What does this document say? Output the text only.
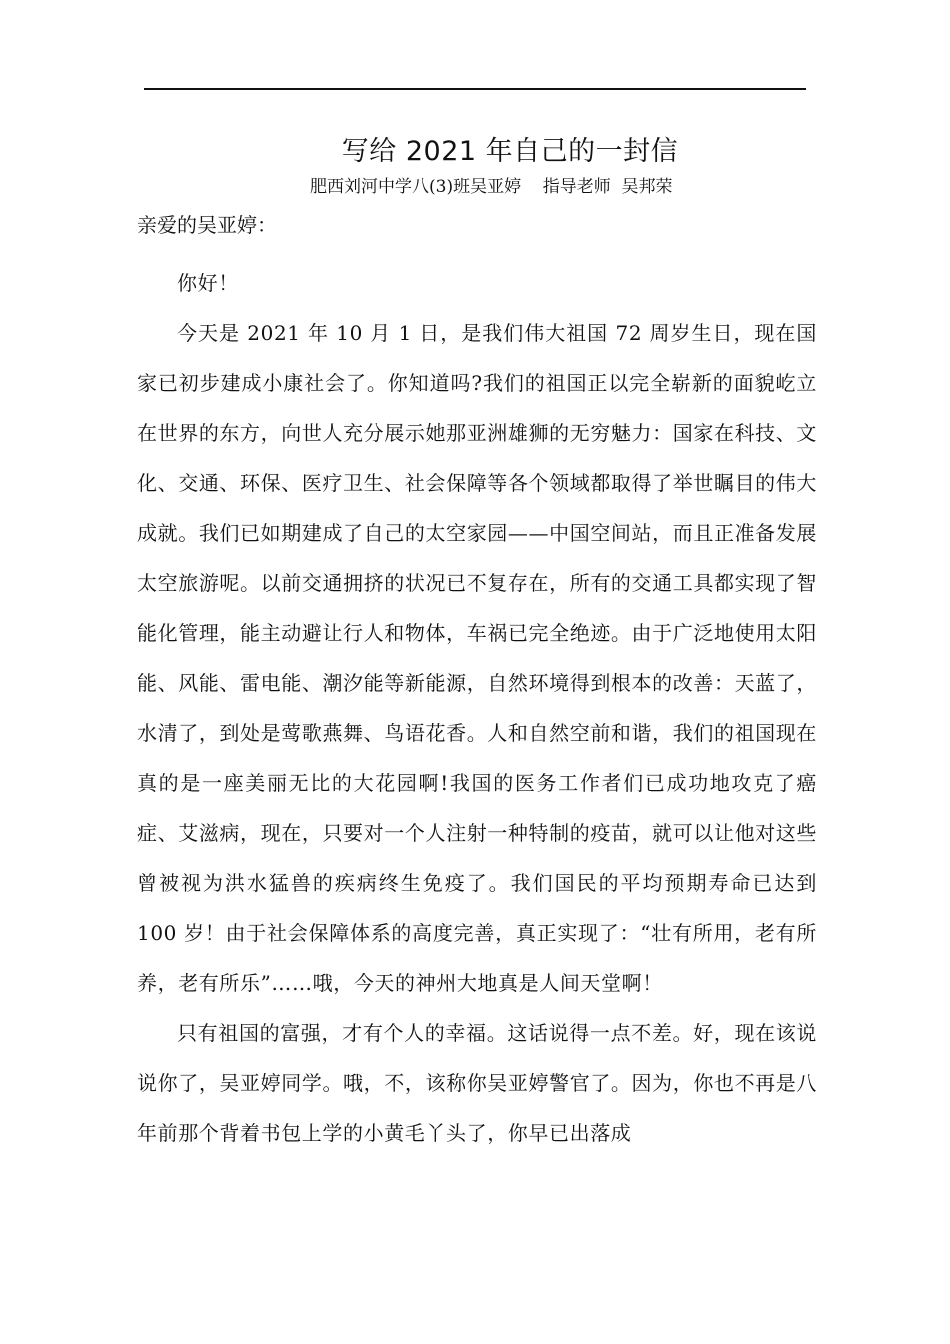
写给 2021 年自己的一封信
肥西刘河中学八(3)班吴亚婷    指导老师  吴邦荣
亲爱的吴亚婷：

你好！

今天是 2021 年 10 月 1 日，是我们伟大祖国 72 周岁生日，现在国家已初步建成小康社会了。你知道吗?我们的祖国正以完全崭新的面貌屹立在世界的东方，向世人充分展示她那亚洲雄狮的无穷魅力：国家在科技、文化、交通、环保、医疗卫生、社会保障等各个领域都取得了举世瞩目的伟大成就。我们已如期建成了自己的太空家园——中国空间站，而且正准备发展太空旅游呢。以前交通拥挤的状况已不复存在，所有的交通工具都实现了智能化管理，能主动避让行人和物体，车祸已完全绝迹。由于广泛地使用太阳能、风能、雷电能、潮汐能等新能源，自然环境得到根本的改善：天蓝了，水清了，到处是莺歌燕舞、鸟语花香。人和自然空前和谐，我们的祖国现在真的是一座美丽无比的大花园啊!我国的医务工作者们已成功地攻克了癌症、艾滋病，现在，只要对一个人注射一种特制的疫苗，就可以让他对这些曾被视为洪水猛兽的疾病终生免疫了。我们国民的平均预期寿命已达到 100 岁！由于社会保障体系的高度完善，真正实现了：“壮有所用，老有所养，老有所乐”……哦，今天的神州大地真是人间天堂啊！

只有祖国的富强，才有个人的幸福。这话说得一点不差。好，现在该说说你了，吴亚婷同学。哦，不，该称你吴亚婷警官了。因为，你也不再是八年前那个背着书包上学的小黄毛丫头了，你早已出落成
